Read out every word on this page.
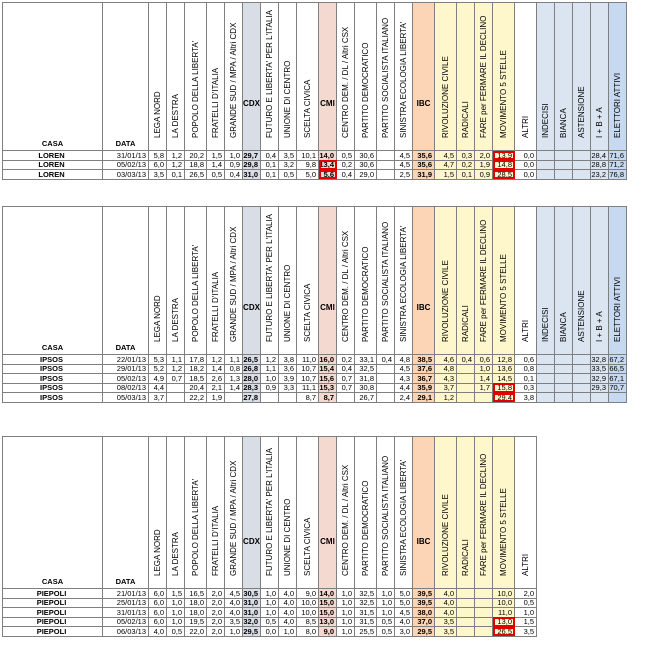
CASA	DATA	LEGA NORD	LA DESTRA	POPOLO DELLA LIBERTA'	FRATELLI D'ITALIA	GRANDE SUD / MPA / Altri CDX	CDX	FUTURO E LIBERTA' PER L'ITALIA	UNIONE DI CENTRO	SCELTA CIVICA	CMI	CENTRO DEM. / DL / Altri CSX	PARTITO DEMOCRATICO	PARTITO SOCIALISTA ITALIANO	SINISTRA ECOLOGIA LIBERTA'	IBC	RIVOLUZIONE CIVILE	RADICALI	FARE per FERMARE IL DECLINO	MOVIMENTO 5 STELLE	ALTRI	INDECISI	BIANCA	ASTENSIONE	I + B + A	ELETTORI ATTIVI

LOREN	31/01/13	5,8	1,2	20,2	1,5	1,0	29,7	0,4	3,5	10,1	14,0	0,5	30,6		4,5	35,6	4,5	0,3	2,0	13,9	0,0				28,4	71,6
LOREN	05/02/13	6,0	1,2	18,8	1,4	0,9	29,8	0,1	3,2	9,8	13,4	0,2	30,6		4,5	35,6	4,7	0,2	1,9	14,8	0,0				28,8	71,2
LOREN	03/03/13	3,5	0,1	26,5	0,5	0,4	31,0	0,1	0,5	5,0	5,6	0,4	29,0		2,5	31,9	1,5	0,1	0,9	28,5	0,0				23,2	76,8
CASA	DATA	LEGA NORD	LA DESTRA	POPOLO DELLA LIBERTA'	FRATELLI D'ITALIA	GRANDE SUD / MPA / Altri CDX	CDX	FUTURO E LIBERTA' PER L'ITALIA	UNIONE DI CENTRO	SCELTA CIVICA	CMI	CENTRO DEM. / DL / Altri CSX	PARTITO DEMOCRATICO	PARTITO SOCIALISTA ITALIANO	SINISTRA ECOLOGIA LIBERTA'	IBC	RIVOLUZIONE CIVILE	RADICALI	FARE per FERMARE IL DECLINO	MOVIMENTO 5 STELLE	ALTRI	INDECISI	BIANCA	ASTENSIONE	I + B + A	ELETTORI ATTIVI

IPSOS	22/01/13	5,3	1,1	17,8	1,2	1,1	26,5	1,2	3,8	11,0	16,0	0,2	33,1	0,4	4,8	38,5	4,6	0,4	0,6	12,8	0,6				32,8	67,2
IPSOS	29/01/13	5,2	1,2	18,2	1,4	0,8	26,8	1,1	3,6	10,7	15,4	0,4	32,5		4,5	37,6	4,8		1,0	13,6	0,8				33,5	66,5
IPSOS	05/02/13	4,9	0,7	18,5	2,6	1,3	28,0	1,0	3,9	10,7	15,6	0,7	31,8		4,3	36,7	4,3		1,4	14,5	0,1				32,9	67,1
IPSOS	08/02/13	4,4		20,4	2,1	1,4	28,3	0,9	3,3	11,1	15,3	0,7	30,8		4,4	35,9	3,7		1,7	15,8	0,3				29,3	70,7
IPSOS	05/03/13	3,7		22,2	1,9		27,8			8,7	8,7		26,7		2,4	29,1	1,2			29,4	3,8					
CASA	DATA	LEGA NORD	LA DESTRA	POPOLO DELLA LIBERTA'	FRATELLI D'ITALIA	GRANDE SUD / MPA / Altri CDX	CDX	FUTURO E LIBERTA' PER L'ITALIA	UNIONE DI CENTRO	SCELTA CIVICA	CMI	CENTRO DEM. / DL / Altri CSX	PARTITO DEMOCRATICO	PARTITO SOCIALISTA ITALIANO	SINISTRA ECOLOGIA LIBERTA'	IBC	RIVOLUZIONE CIVILE	RADICALI	FARE per FERMARE IL DECLINO	MOVIMENTO 5 STELLE	ALTRI

PIEPOLI	21/01/13	6,0	1,5	16,5	2,0	4,5	30,5	1,0	4,0	9,0	14,0	1,0	32,5	1,0	5,0	39,5	4,0			10,0	2,0
PIEPOLI	25/01/13	6,0	1,0	18,0	2,0	4,0	31,0	1,0	4,0	10,0	15,0	1,0	32,5	1,0	5,0	39,5	4,0			10,0	0,5
PIEPOLI	31/01/13	6,0	1,0	18,0	2,0	4,0	31,0	1,0	4,0	10,0	15,0	1,0	31,5	1,0	4,5	38,0	4,0			11,0	1,0
PIEPOLI	05/02/13	6,0	1,0	19,5	2,0	3,5	32,0	0,5	4,0	8,5	13,0	1,0	31,5	0,5	4,0	37,0	3,5			13,0	1,5
PIEPOLI	06/03/13	4,0	0,5	22,0	2,0	1,0	29,5	0,0	1,0	8,0	9,0	1,0	25,5	0,5	3,0	29,5	3,5			26,5	3,5
